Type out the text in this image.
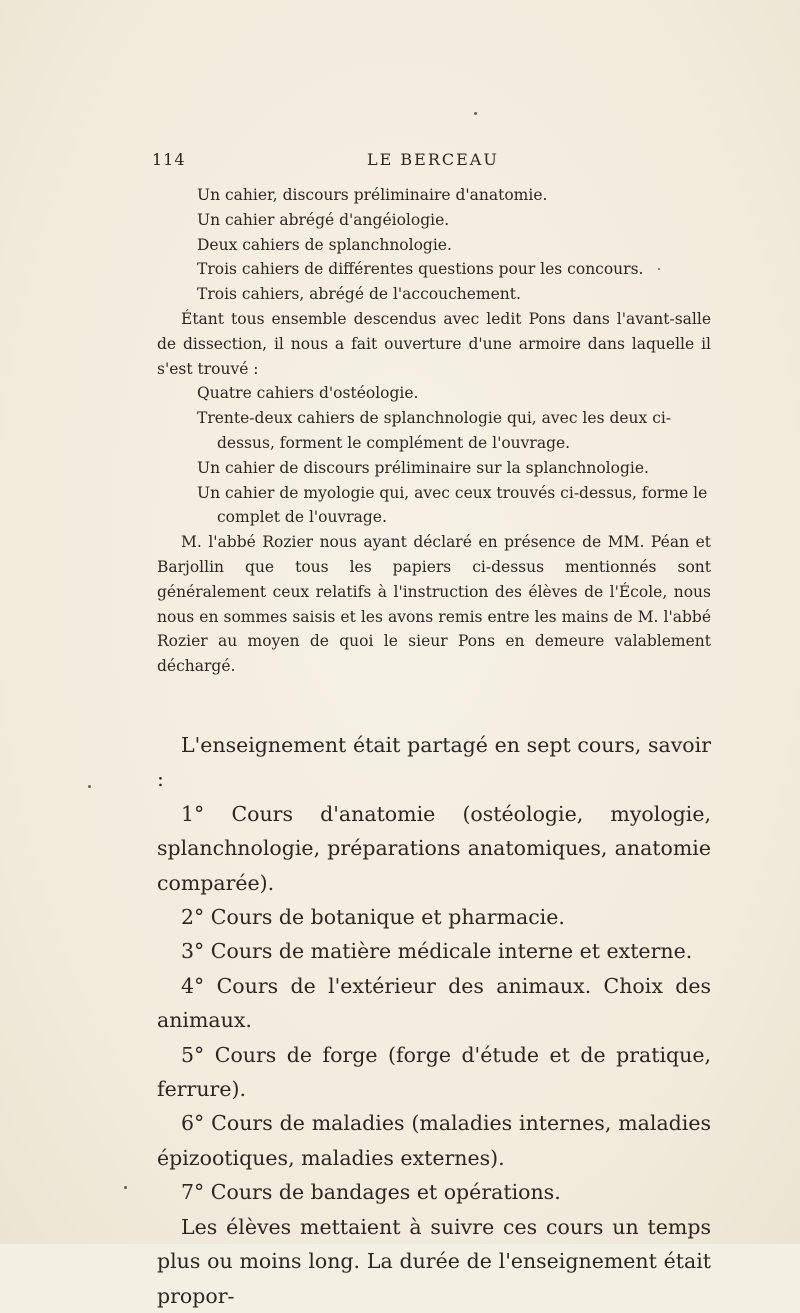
114	LE BERCEAU

Un cahier, discours préliminaire d'anatomie.

Un cahier abrégé d'angéiologie.

Deux cahiers de splanchnologie.

Trois cahiers de différentes questions pour les concours.

Trois cahiers, abrégé de l'accouchement.

Étant tous ensemble descendus avec ledit Pons dans l'avant-salle de dissection, il nous a fait ouverture d'une armoire dans laquelle il s'est trouvé :

Quatre cahiers d'ostéologie.

Trente-deux cahiers de splanchnologie qui, avec les deux ci-dessus, forment le complément de l'ouvrage.

Un cahier de discours préliminaire sur la splanchnologie.

Un cahier de myologie qui, avec ceux trouvés ci-dessus, forme le complet de l'ouvrage.

M. l'abbé Rozier nous ayant déclaré en présence de MM. Péan et Barjollin que tous les papiers ci-dessus mentionnés sont généralement ceux relatifs à l'instruction des élèves de l'École, nous nous en sommes saisis et les avons remis entre les mains de M. l'abbé Rozier au moyen de quoi le sieur Pons en demeure valablement déchargé.

L'enseignement était partagé en sept cours, savoir :

1° Cours d'anatomie (ostéologie, myologie, splanchnologie, préparations anatomiques, anatomie comparée).

2° Cours de botanique et pharmacie.

3° Cours de matière médicale interne et externe.

4° Cours de l'extérieur des animaux. Choix des animaux.

5° Cours de forge (forge d'étude et de pratique, ferrure).

6° Cours de maladies (maladies internes, maladies épizootiques, maladies externes).

7° Cours de bandages et opérations.

Les élèves mettaient à suivre ces cours un temps plus ou moins long. La durée de l'enseignement était propor-
